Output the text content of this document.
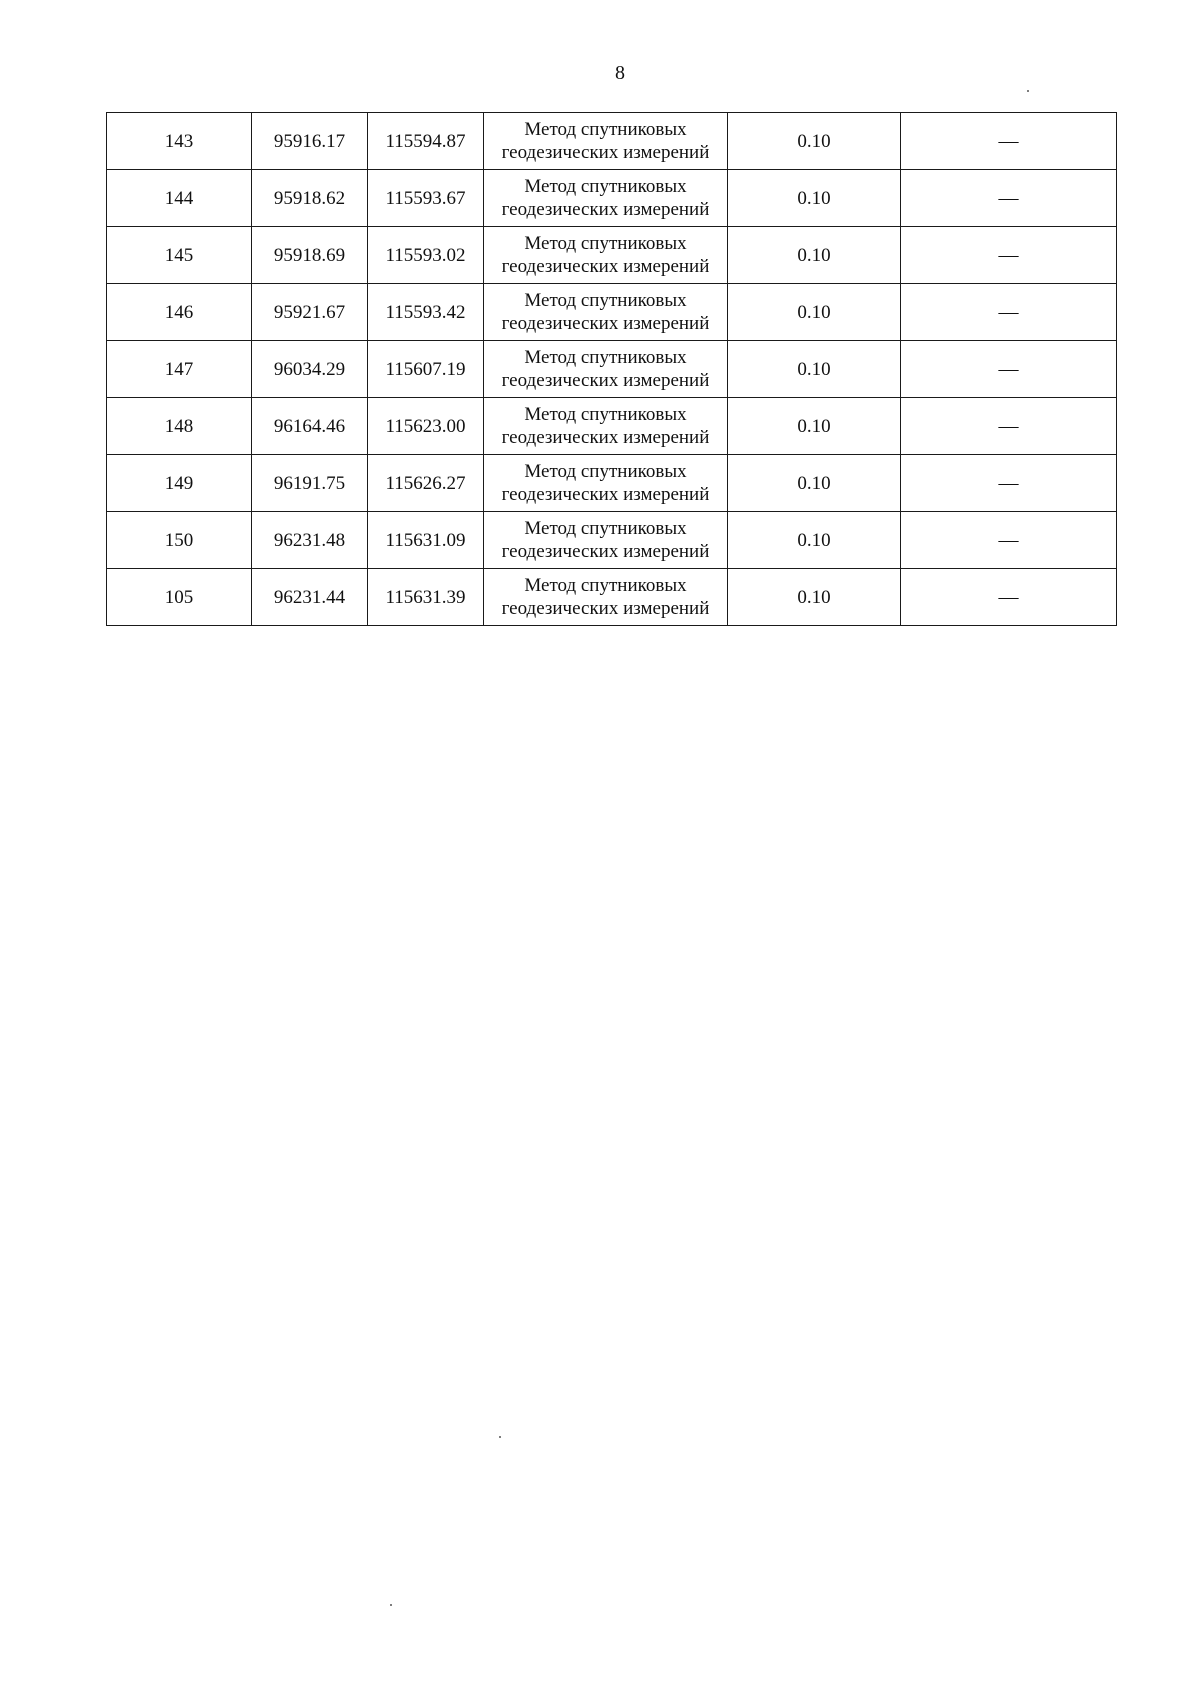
8
143	95916.17	115594.87	Метод спутниковых
геодезических измерений	0.10	—
144	95918.62	115593.67	Метод спутниковых
геодезических измерений	0.10	—
145	95918.69	115593.02	Метод спутниковых
геодезических измерений	0.10	—
146	95921.67	115593.42	Метод спутниковых
геодезических измерений	0.10	—
147	96034.29	115607.19	Метод спутниковых
геодезических измерений	0.10	—
148	96164.46	115623.00	Метод спутниковых
геодезических измерений	0.10	—
149	96191.75	115626.27	Метод спутниковых
геодезических измерений	0.10	—
150	96231.48	115631.09	Метод спутниковых
геодезических измерений	0.10	—
105	96231.44	115631.39	Метод спутниковых
геодезических измерений	0.10	—
